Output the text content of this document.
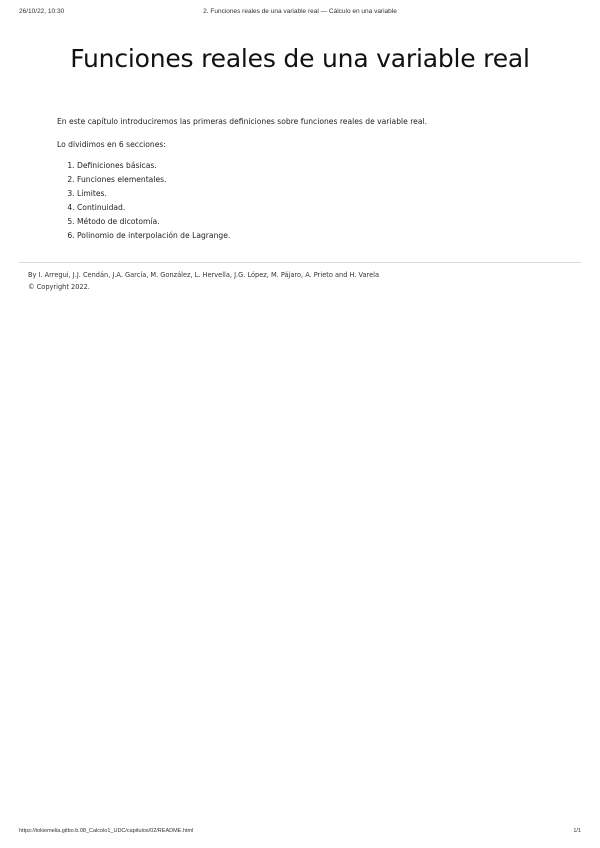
26/10/22, 10:30	2. Funciones reales de una variable real — Cálculo en una variable
Funciones reales de una variable real

En este capítulo introduciremos las primeras definiciones sobre funciones reales de variable real.

Lo dividimos en 6 secciones:

1. Definiciones básicas.
2. Funciones elementales.
3. Límites.
4. Continuidad.
5. Método de dicotomía.
6. Polinomio de interpolación de Lagrange.
By I. Arregui, J.J. Cendán, J.A. García, M. González, L. Hervella, J.G. López, M. Pájaro, A. Prieto and H. Varela
© Copyright 2022.
https://tokiemelia.gitbo.b.08_Calcolo1_UDC/capitulos/02/README.html	1/1
